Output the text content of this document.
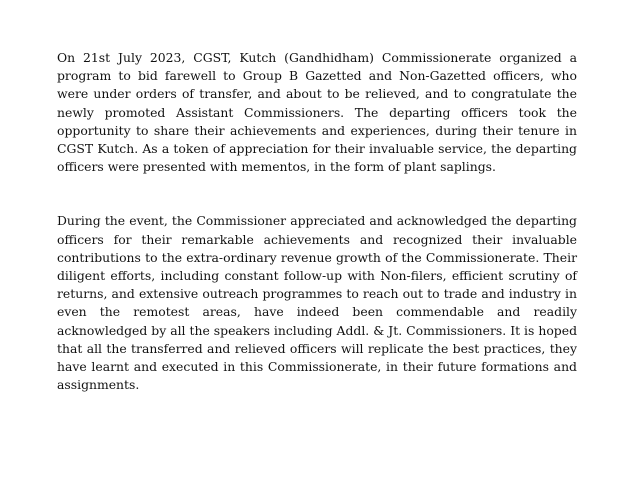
On 21st July 2023, CGST, Kutch (Gandhidham) Commissionerate organized a program to bid farewell to Group B Gazetted and Non-Gazetted officers, who were under orders of transfer, and about to be relieved, and to congratulate the newly promoted Assistant Commissioners. The departing officers took the opportunity to share their achievements and experiences, during their tenure in CGST Kutch. As a token of appreciation for their invaluable service, the departing officers were presented with mementos, in the form of plant saplings.

During the event, the Commissioner appreciated and acknowledged the departing officers for their remarkable achievements and recognized their invaluable contributions to the extra-ordinary revenue growth of the Commissionerate. Their diligent efforts, including constant follow-up with Non-filers, efficient scrutiny of returns, and extensive outreach programmes to reach out to trade and industry in even the remotest areas, have indeed been commendable and readily acknowledged by all the speakers including Addl. & Jt. Commissioners. It is hoped that all the transferred and relieved officers will replicate the best practices, they have learnt and executed in this Commissionerate, in their future formations and assignments.
